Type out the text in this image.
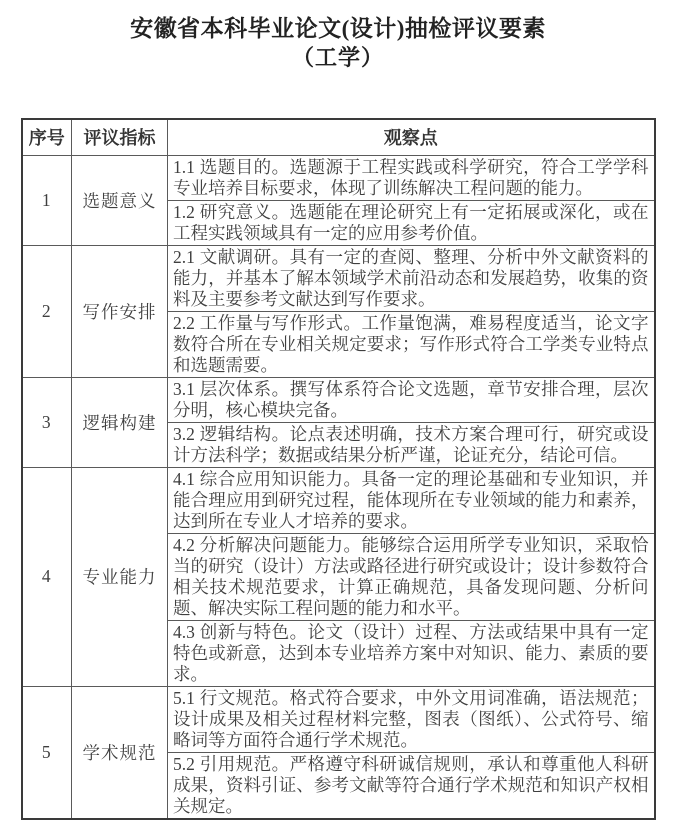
安徽省本科毕业论文(设计)抽检评议要素
（工学）
序号	评议指标	观察点
1	选题意义	1.1 选题目的。选题源于工程实践或科学研究，符合工学学科专业培养目标要求，体现了训练解决工程问题的能力。
		1.2 研究意义。选题能在理论研究上有一定拓展或深化，或在工程实践领域具有一定的应用参考价值。
2	写作安排	2.1 文献调研。具有一定的查阅、整理、分析中外文献资料的能力，并基本了解本领域学术前沿动态和发展趋势，收集的资料及主要参考文献达到写作要求。
		2.2 工作量与写作形式。工作量饱满，难易程度适当，论文字数符合所在专业相关规定要求；写作形式符合工学类专业特点和选题需要。
3	逻辑构建	3.1 层次体系。撰写体系符合论文选题，章节安排合理，层次分明，核心模块完备。
		3.2 逻辑结构。论点表述明确，技术方案合理可行，研究或设计方法科学；数据或结果分析严谨，论证充分，结论可信。
4	专业能力	4.1 综合应用知识能力。具备一定的理论基础和专业知识，并能合理应用到研究过程，能体现所在专业领域的能力和素养，达到所在专业人才培养的要求。
		4.2 分析解决问题能力。能够综合运用所学专业知识，采取恰当的研究（设计）方法或路径进行研究或设计；设计参数符合相关技术规范要求，计算正确规范，具备发现问题、分析问题、解决实际工程问题的能力和水平。
		4.3 创新与特色。论文（设计）过程、方法或结果中具有一定特色或新意，达到本专业培养方案中对知识、能力、素质的要求。
5	学术规范	5.1 行文规范。格式符合要求，中外文用词准确，语法规范；设计成果及相关过程材料完整，图表（图纸）、公式符号、缩略词等方面符合通行学术规范。
		5.2 引用规范。严格遵守科研诚信规则，承认和尊重他人科研成果，资料引证、参考文献等符合通行学术规范和知识产权相关规定。
